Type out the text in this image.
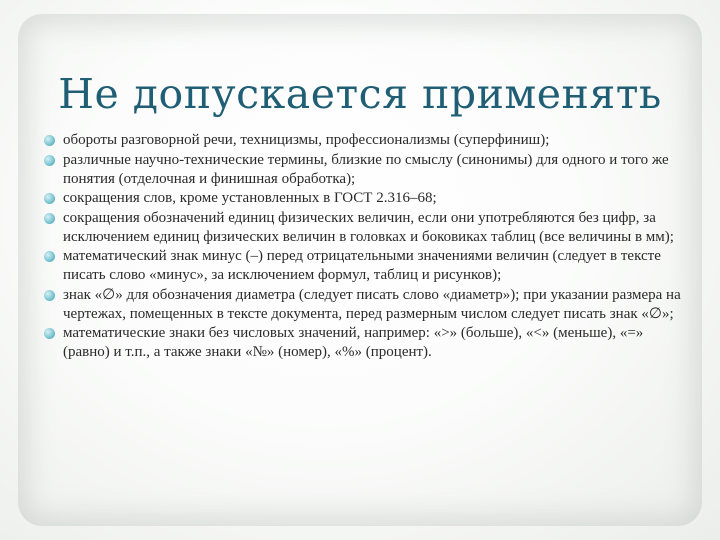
Не допускается применять
обороты разговорной речи, техницизмы, профессионализмы (суперфиниш);
различные научно-технические термины, близкие по смыслу (синонимы) для одного и того же понятия (отделочная и финишная обработка);
сокращения слов, кроме установленных в ГОСТ 2.316–68;
сокращения обозначений единиц физических величин, если они употребляются без цифр, за исключением единиц физических величин в головках и боковиках таблиц (все величины в мм);
математический знак минус (–) перед отрицательными значениями величин (следует в тексте писать слово «минус», за исключением формул, таблиц и рисунков);
знак «∅» для обозначения диаметра (следует писать слово «диаметр»); при указании размера на чертежах, помещенных в тексте документа, перед размерным числом следует писать знак «∅»;
математические знаки без числовых значений, например: «>» (больше), «<» (меньше), «=» (равно) и т.п., а также знаки «№» (номер), «%» (процент).
